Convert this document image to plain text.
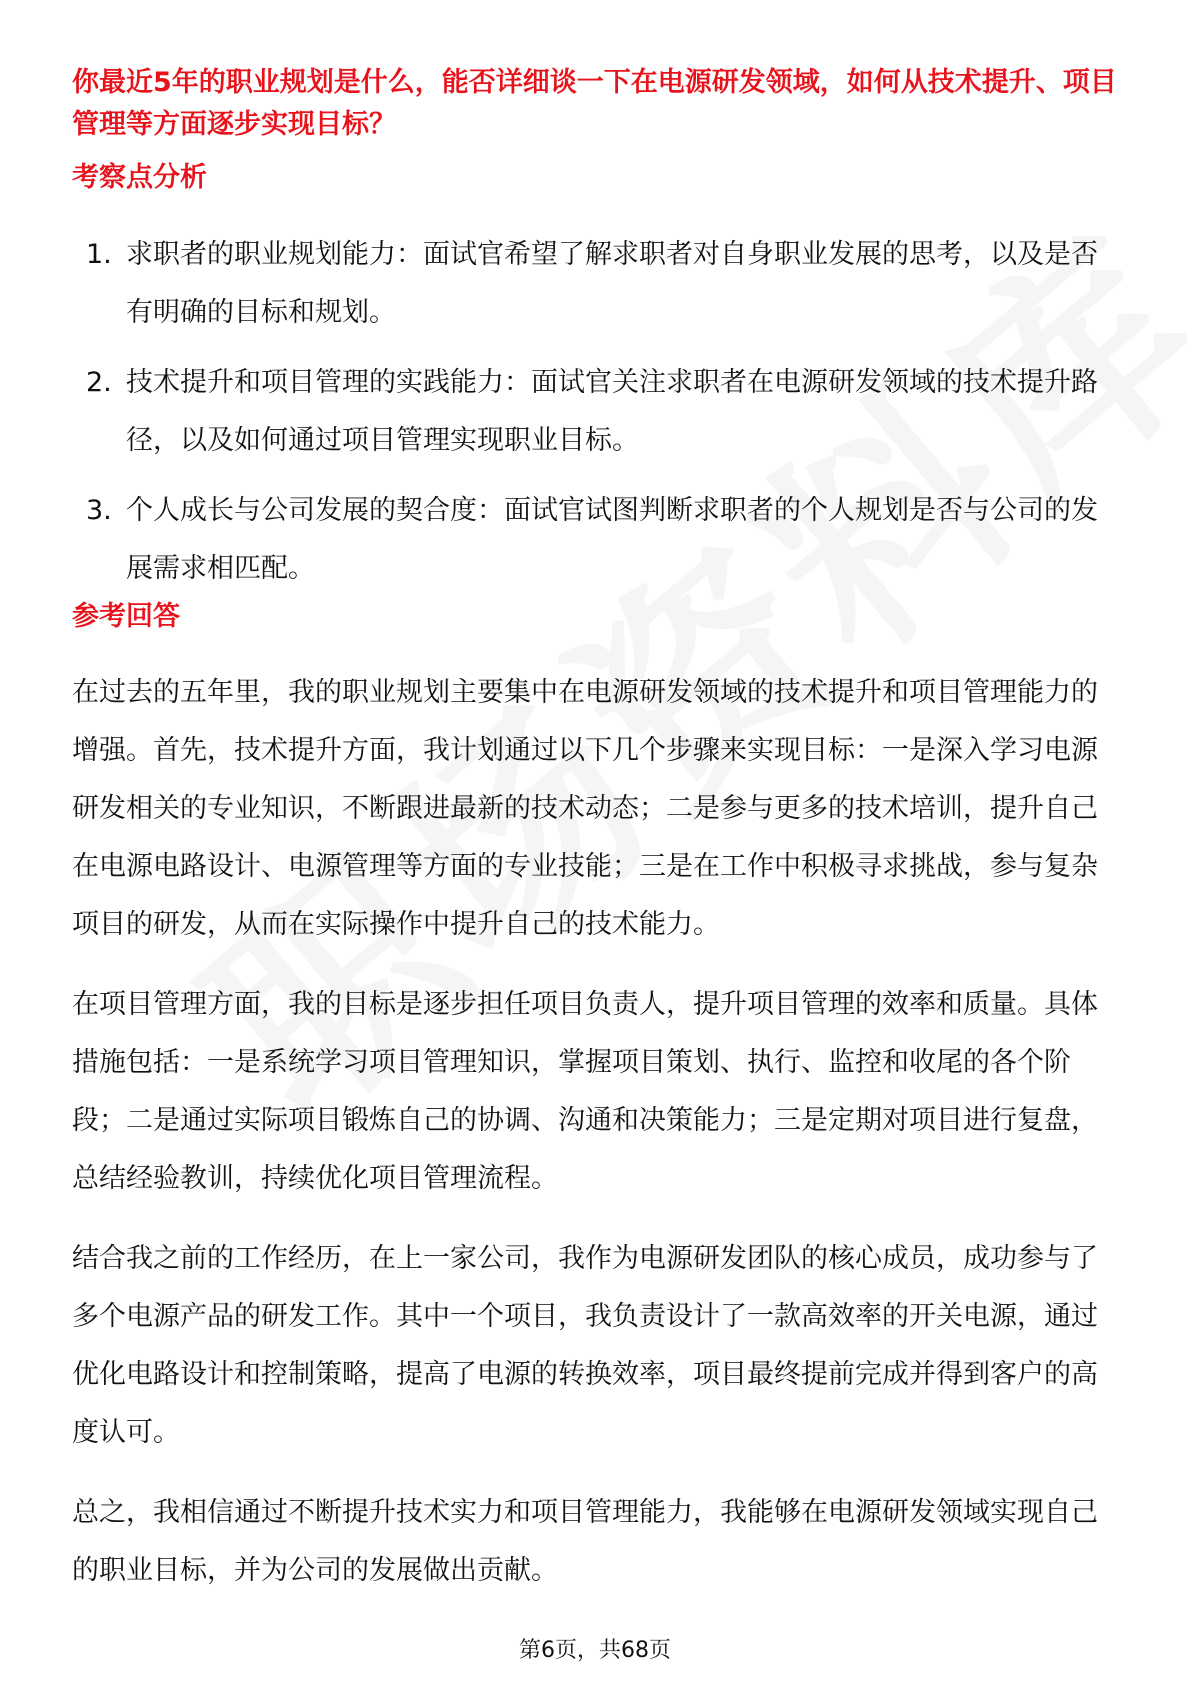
你最近5年的职业规划是什么，能否详细谈一下在电源研发领域，如何从技术提升、项目管理等方面逐步实现目标？
考察点分析
1. 求职者的职业规划能力：面试官希望了解求职者对自身职业发展的思考，以及是否有明确的目标和规划。
2. 技术提升和项目管理的实践能力：面试官关注求职者在电源研发领域的技术提升路径，以及如何通过项目管理实现职业目标。
3. 个人成长与公司发展的契合度：面试官试图判断求职者的个人规划是否与公司的发展需求相匹配。
参考回答

在过去的五年里，我的职业规划主要集中在电源研发领域的技术提升和项目管理能力的增强。首先，技术提升方面，我计划通过以下几个步骤来实现目标：一是深入学习电源研发相关的专业知识，不断跟进最新的技术动态；二是参与更多的技术培训，提升自己在电源电路设计、电源管理等方面的专业技能；三是在工作中积极寻求挑战，参与复杂项目的研发，从而在实际操作中提升自己的技术能力。

在项目管理方面，我的目标是逐步担任项目负责人，提升项目管理的效率和质量。具体措施包括：一是系统学习项目管理知识，掌握项目策划、执行、监控和收尾的各个阶段；二是通过实际项目锻炼自己的协调、沟通和决策能力；三是定期对项目进行复盘，总结经验教训，持续优化项目管理流程。

结合我之前的工作经历，在上一家公司，我作为电源研发团队的核心成员，成功参与了多个电源产品的研发工作。其中一个项目，我负责设计了一款高效率的开关电源，通过优化电路设计和控制策略，提高了电源的转换效率，项目最终提前完成并得到客户的高度认可。

总之，我相信通过不断提升技术实力和项目管理能力，我能够在电源研发领域实现自己的职业目标，并为公司的发展做出贡献。

第6页，共68页
